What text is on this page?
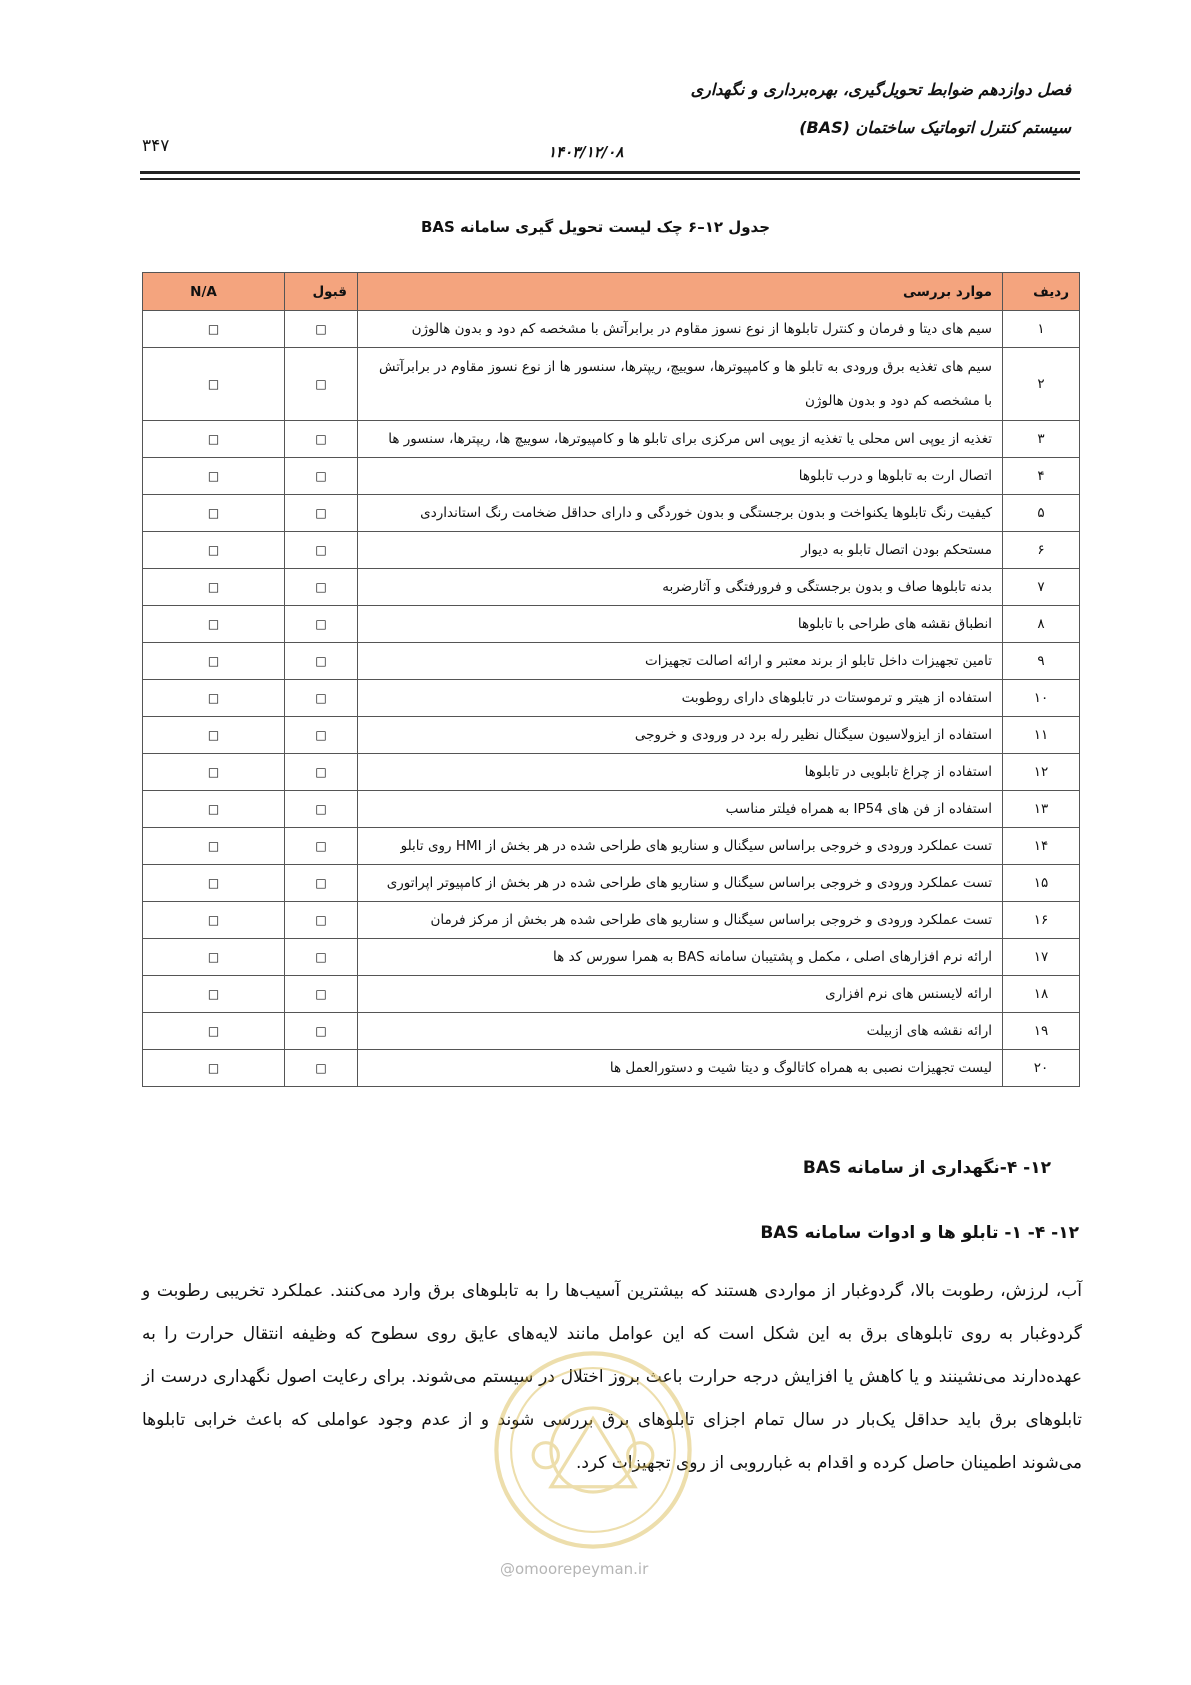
فصل دوازدهم ضوابط تحویل‌گیری، بهره‌برداری و نگهداری
سیستم کنترل اتوماتیک ساختمان (BAS)
۱۴۰۳/۱۲/۰۸
۳۴۷
جدول ۱۲–۶ چک لیست تحویل گیری سامانه BAS
ردیف	موارد بررسی	قبول	N/A
۱	سیم های دیتا و فرمان و کنترل تابلوها از نوع نسوز مقاوم در برابرآتش با مشخصه کم دود و بدون هالوژن	□	□
۲	سیم های تغذیه برق ورودی به تابلو ها و کامپیوترها، سوییچ، ریپترها، سنسور ها از نوع نسوز مقاوم در برابرآتش با مشخصه کم دود و بدون هالوژن	□	□
۳	تغذیه از یوپی اس محلی یا تغذیه از یوپی اس مرکزی برای تابلو ها و کامپیوترها، سوییچ ها، ریپترها، سنسور ها	□	□
۴	اتصال ارت به تابلوها و درب تابلوها	□	□
۵	کیفیت رنگ تابلوها یکنواخت و بدون برجستگی و بدون خوردگی و دارای حداقل ضخامت رنگ استانداردی	□	□
۶	مستحکم بودن اتصال تابلو به دیوار	□	□
۷	بدنه تابلوها صاف و بدون برجستگی و فرورفتگی و آثارضربه	□	□
۸	انطباق نقشه های طراحی با تابلوها	□	□
۹	تامین تجهیزات داخل تابلو از برند معتبر و ارائه اصالت تجهیزات	□	□
۱۰	استفاده از هیتر و ترموستات در تابلوهای دارای روطوبت	□	□
۱۱	استفاده از ایزولاسیون سیگنال نظیر رله برد در ورودی و خروجی	□	□
۱۲	استفاده از چراغ تابلویی در تابلوها	□	□
۱۳	استفاده از فن های IP54 به همراه فیلتر مناسب	□	□
۱۴	تست عملکرد ورودی و خروجی براساس سیگنال و سناریو های طراحی شده در هر بخش از HMI روی تابلو	□	□
۱۵	تست عملکرد ورودی و خروجی براساس سیگنال و سناریو های طراحی شده در هر بخش از کامپیوتر اپراتوری	□	□
۱۶	تست عملکرد ورودی و خروجی براساس سیگنال و سناریو های طراحی شده هر بخش از مرکز فرمان	□	□
۱۷	ارائه نرم افزارهای اصلی ، مکمل و پشتیبان سامانه BAS به همرا سورس کد ها	□	□
۱۸	ارائه لایسنس های نرم افزاری	□	□
۱۹	ارائه نقشه های ازبیلت	□	□
۲۰	لیست تجهیزات نصبی به همراه کاتالوگ و دیتا شیت و دستورالعمل ها	□	□
۱۲- ۴-نگهداری از سامانه BAS
۱۲- ۴- ۱- تابلو ها و ادوات سامانه BAS

آب، لرزش، رطوبت بالا، گردوغبار از مواردی هستند که بیشترین آسیب‌ها را به تابلوهای برق وارد می‌کنند. عملکرد تخریبی رطوبت و گردوغبار به روی تابلوهای برق به این شکل است که این عوامل مانند لایه‌های عایق روی سطوح که وظیفه انتقال حرارت را به عهده‌دارند می‌نشینند و یا کاهش یا افزایش درجه حرارت باعث بروز اختلال در سیستم می‌شوند. برای رعایت اصول نگهداری درست از تابلوهای برق باید حداقل یک‌بار در سال تمام اجزای تابلوهای برق بررسی شوند و از عدم وجود عواملی که باعث خرابی تابلوها می‌شوند اطمینان حاصل کرده و اقدام به غبارروبی از روی تجهیزات کرد.

@omoorepeyman.ir
